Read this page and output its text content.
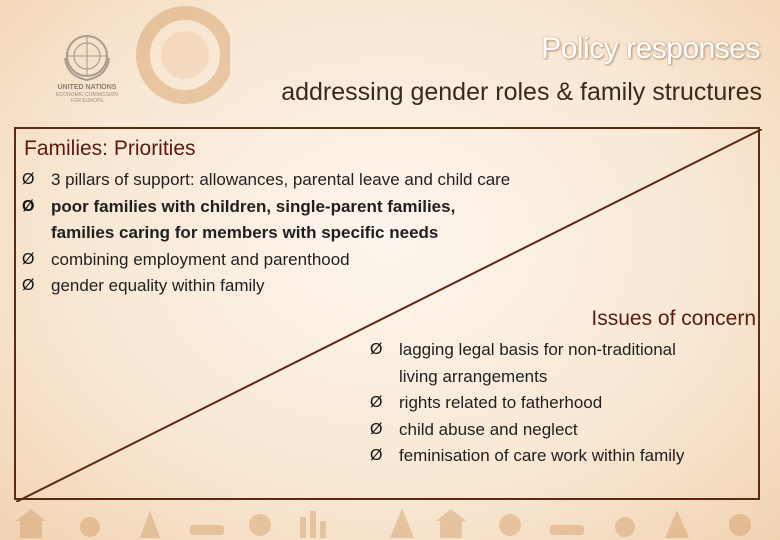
UNITED NATIONS
ECONOMIC COMMISSION
FOR EUROPE
Policy responses
addressing gender roles & family structures
Families: Priorities
Ø 3 pillars of support: allowances, parental leave and child care
Ø poor families with children, single-parent families,
families caring for members with specific needs
Ø combining employment and parenthood
Ø gender equality within family
Issues of concern
Ø lagging legal basis for non-traditional
living arrangements
Ø rights related to fatherhood
Ø child abuse and neglect
Ø feminisation of care work within family
